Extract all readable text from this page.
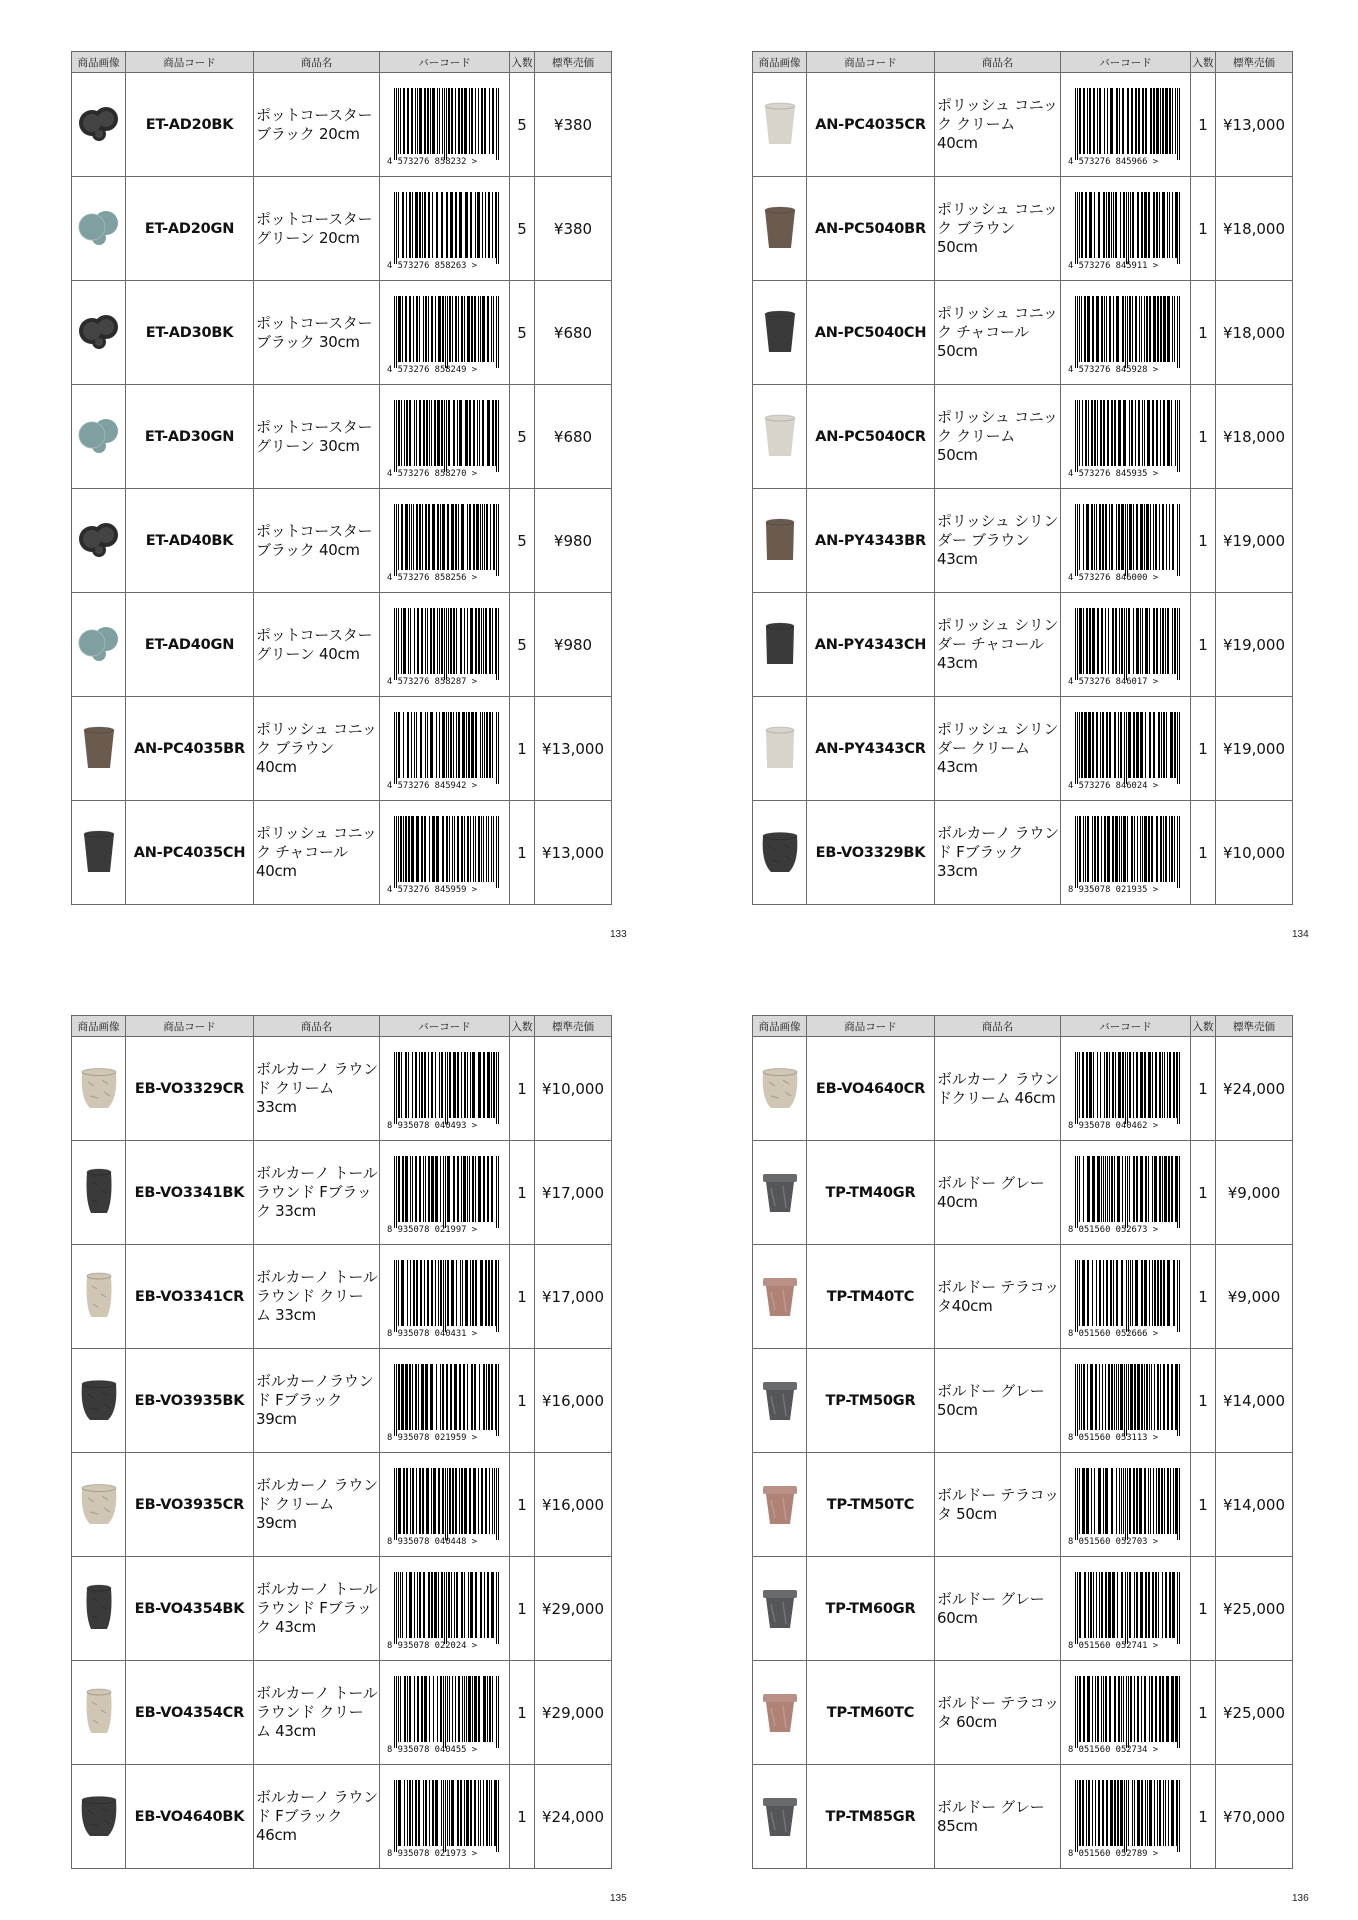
商品画像	商品コード	商品名	バーコード	入数	標準売価

	ET-AD20BK	ポットコースター ブラック 20cm	4 573276 858232 >	5	¥380

	ET-AD20GN	ポットコースター グリーン 20cm	4 573276 858263 >	5	¥380

	ET-AD30BK	ポットコースター ブラック 30cm	4 573276 858249 >	5	¥680

	ET-AD30GN	ポットコースター グリーン 30cm	4 573276 858270 >	5	¥680

	ET-AD40BK	ポットコースター ブラック 40cm	4 573276 858256 >	5	¥980

	ET-AD40GN	ポットコースター グリーン 40cm	4 573276 858287 >	5	¥980

	AN-PC4035BR	ポリッシュ コニック ブラウン 40cm	4 573276 845942 >	1	¥13,000

	AN-PC4035CH	ポリッシュ コニック チャコール 40cm	4 573276 845959 >	1	¥13,000
133
商品画像	商品コード	商品名	バーコード	入数	標準売価

	AN-PC4035CR	ポリッシュ コニック クリーム 40cm	4 573276 845966 >	1	¥13,000

	AN-PC5040BR	ポリッシュ コニック ブラウン 50cm	4 573276 845911 >	1	¥18,000

	AN-PC5040CH	ポリッシュ コニック チャコール 50cm	4 573276 845928 >	1	¥18,000

	AN-PC5040CR	ポリッシュ コニック クリーム 50cm	4 573276 845935 >	1	¥18,000

	AN-PY4343BR	ポリッシュ シリンダー ブラウン 43cm	4 573276 846000 >	1	¥19,000

	AN-PY4343CH	ポリッシュ シリンダー チャコール 43cm	4 573276 846017 >	1	¥19,000

	AN-PY4343CR	ポリッシュ シリンダー クリーム 43cm	4 573276 846024 >	1	¥19,000

	EB-VO3329BK	ボルカーノ ラウンド Fブラック 33cm	8 935078 021935 >	1	¥10,000
134
商品画像	商品コード	商品名	バーコード	入数	標準売価

	EB-VO3329CR	ボルカーノ ラウンド クリーム 33cm	8 935078 040493 >	1	¥10,000

	EB-VO3341BK	ボルカーノ トールラウンド Fブラック 33cm	8 935078 021997 >	1	¥17,000

	EB-VO3341CR	ボルカーノ トールラウンド クリーム 33cm	8 935078 040431 >	1	¥17,000

	EB-VO3935BK	ボルカーノラウンド Fブラック 39cm	8 935078 021959 >	1	¥16,000

	EB-VO3935CR	ボルカーノ ラウンド クリーム 39cm	8 935078 040448 >	1	¥16,000

	EB-VO4354BK	ボルカーノ トールラウンド Fブラック 43cm	8 935078 022024 >	1	¥29,000

	EB-VO4354CR	ボルカーノ トールラウンド クリーム 43cm	8 935078 040455 >	1	¥29,000

	EB-VO4640BK	ボルカーノ ラウンド Fブラック 46cm	8 935078 021973 >	1	¥24,000
135
商品画像	商品コード	商品名	バーコード	入数	標準売価

	EB-VO4640CR	ボルカーノ ラウンドクリーム 46cm	8 935078 040462 >	1	¥24,000

	TP-TM40GR	ボルドー グレー 40cm	8 051560 052673 >	1	¥9,000

	TP-TM40TC	ボルドー テラコッタ40cm	8 051560 052666 >	1	¥9,000

	TP-TM50GR	ボルドー グレー 50cm	8 051560 053113 >	1	¥14,000

	TP-TM50TC	ボルドー テラコッタ 50cm	8 051560 052703 >	1	¥14,000

	TP-TM60GR	ボルドー グレー 60cm	8 051560 052741 >	1	¥25,000

	TP-TM60TC	ボルドー テラコッタ 60cm	8 051560 052734 >	1	¥25,000

	TP-TM85GR	ボルドー グレー 85cm	8 051560 052789 >	1	¥70,000
136
